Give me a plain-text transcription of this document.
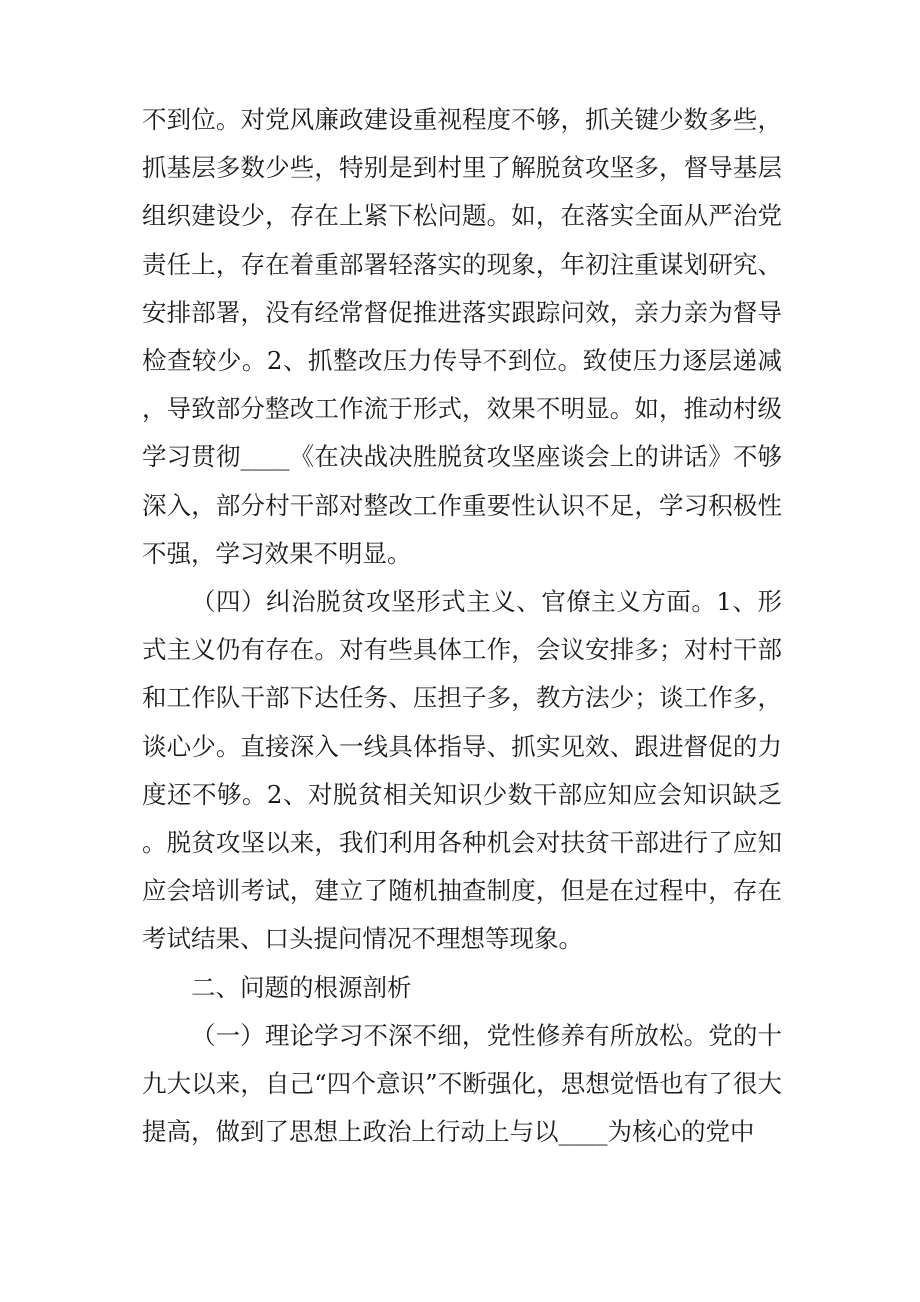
不到位。对党风廉政建设重视程度不够，抓关键少数多些，抓基层多数少些，特别是到村里了解脱贫攻坚多，督导基层组织建设少，存在上紧下松问题。如，在落实全面从严治党责任上，存在着重部署轻落实的现象，年初注重谋划研究、安排部署，没有经常督促推进落实跟踪问效，亲力亲为督导检查较少。2、抓整改压力传导不到位。致使压力逐层递减，导致部分整改工作流于形式，效果不明显。如，推动村级学习贯彻____《在决战决胜脱贫攻坚座谈会上的讲话》不够深入，部分村干部对整改工作重要性认识不足，学习积极性不强，学习效果不明显。

（四）纠治脱贫攻坚形式主义、官僚主义方面。1、形式主义仍有存在。对有些具体工作，会议安排多；对村干部和工作队干部下达任务、压担子多，教方法少；谈工作多，谈心少。直接深入一线具体指导、抓实见效、跟进督促的力度还不够。2、对脱贫相关知识少数干部应知应会知识缺乏。脱贫攻坚以来，我们利用各种机会对扶贫干部进行了应知应会培训考试，建立了随机抽查制度，但是在过程中，存在考试结果、口头提问情况不理想等现象。

二、问题的根源剖析

（一）理论学习不深不细，党性修养有所放松。党的十九大以来，自己“四个意识”不断强化，思想觉悟也有了很大提高，做到了思想上政治上行动上与以____为核心的党中
